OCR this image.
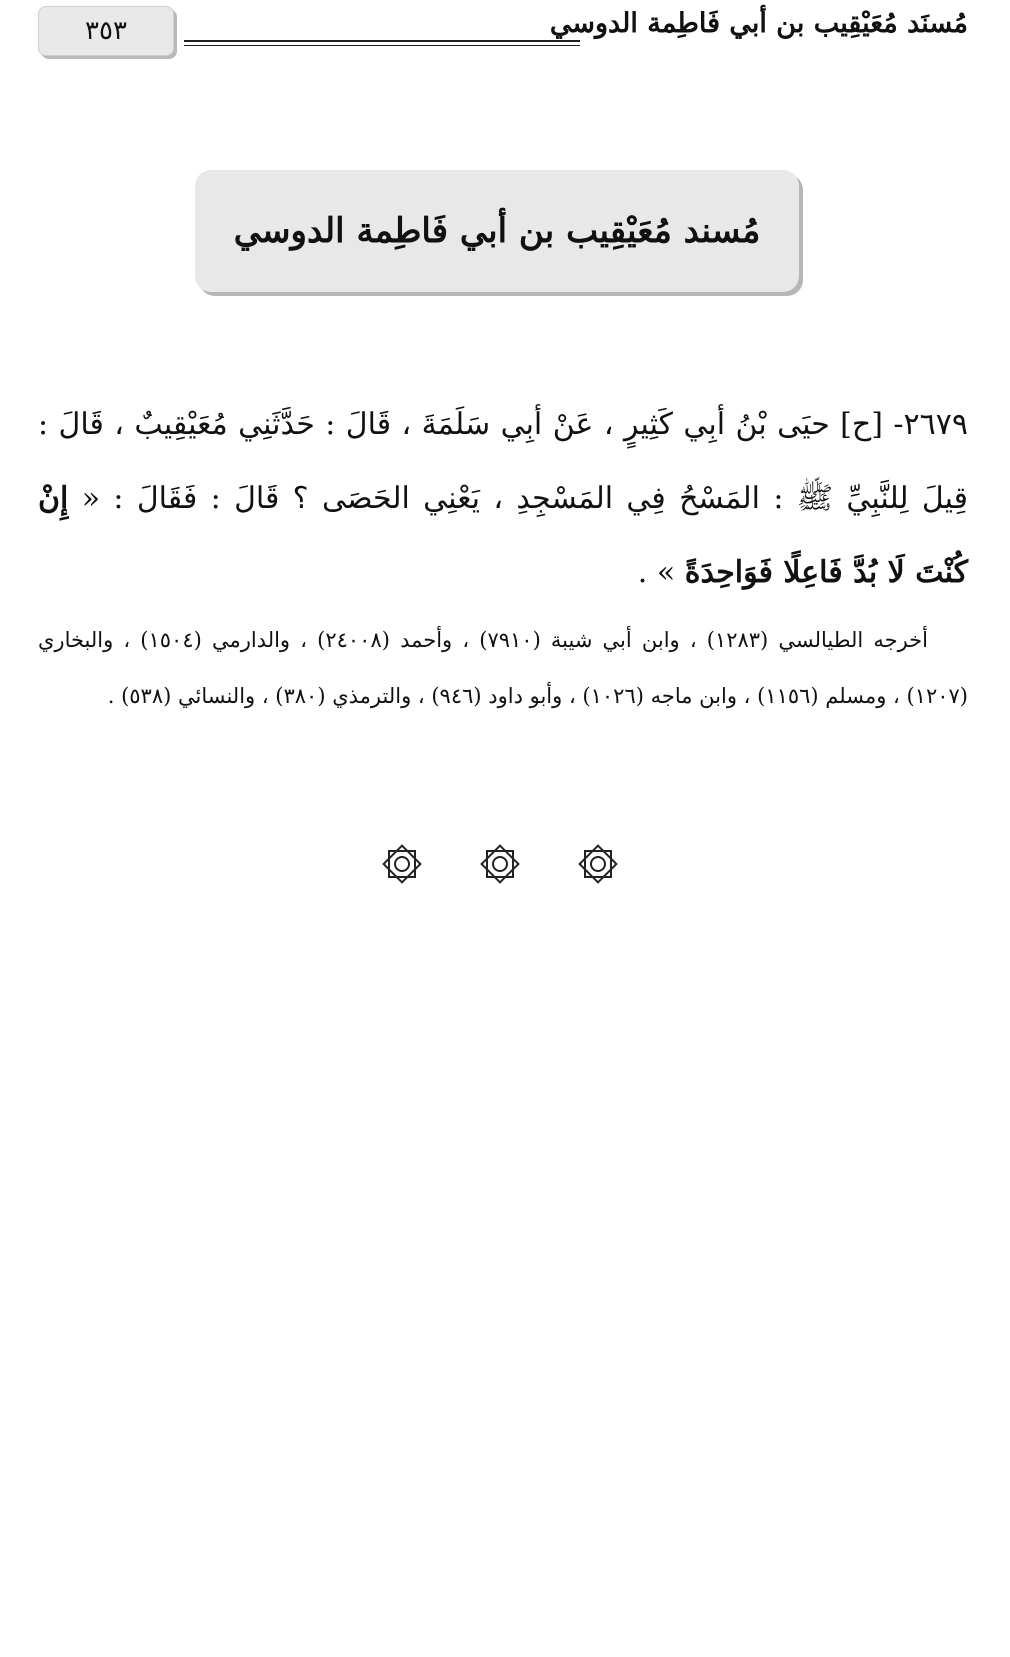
٣٥٣	مُسنَد مُعَيْقِيب بن أبي فَاطِمة الدوسي
مُسند مُعَيْقِيب بن أبي فَاطِمة الدوسي
٢٦٧٩- [ح] حيَى بْنُ أبِي كَثِيرٍ ، عَنْ أبِي سَلَمَةَ ، قَالَ : حَدَّثَنِي مُعَيْقِيبٌ ، قَالَ : قِيلَ لِلنَّبِيِّ ﷺ : المَسْحُ فِي المَسْجِدِ ، يَعْنِي الحَصَى ؟ قَالَ : فَقَالَ : « إِنْ كُنْتَ لَا بُدَّ فَاعِلًا فَوَاحِدَةً » .
أخرجه الطيالسي (١٢٨٣) ، وابن أبي شيبة (٧٩١٠) ، وأحمد (٢٤٠٠٨) ، والدارمي (١٥٠٤) ، والبخاري (١٢٠٧) ، ومسلم (١١٥٦) ، وابن ماجه (١٠٢٦) ، وأبو داود (٩٤٦) ، والترمذي (٣٨٠) ، والنسائي (٥٣٨) .
